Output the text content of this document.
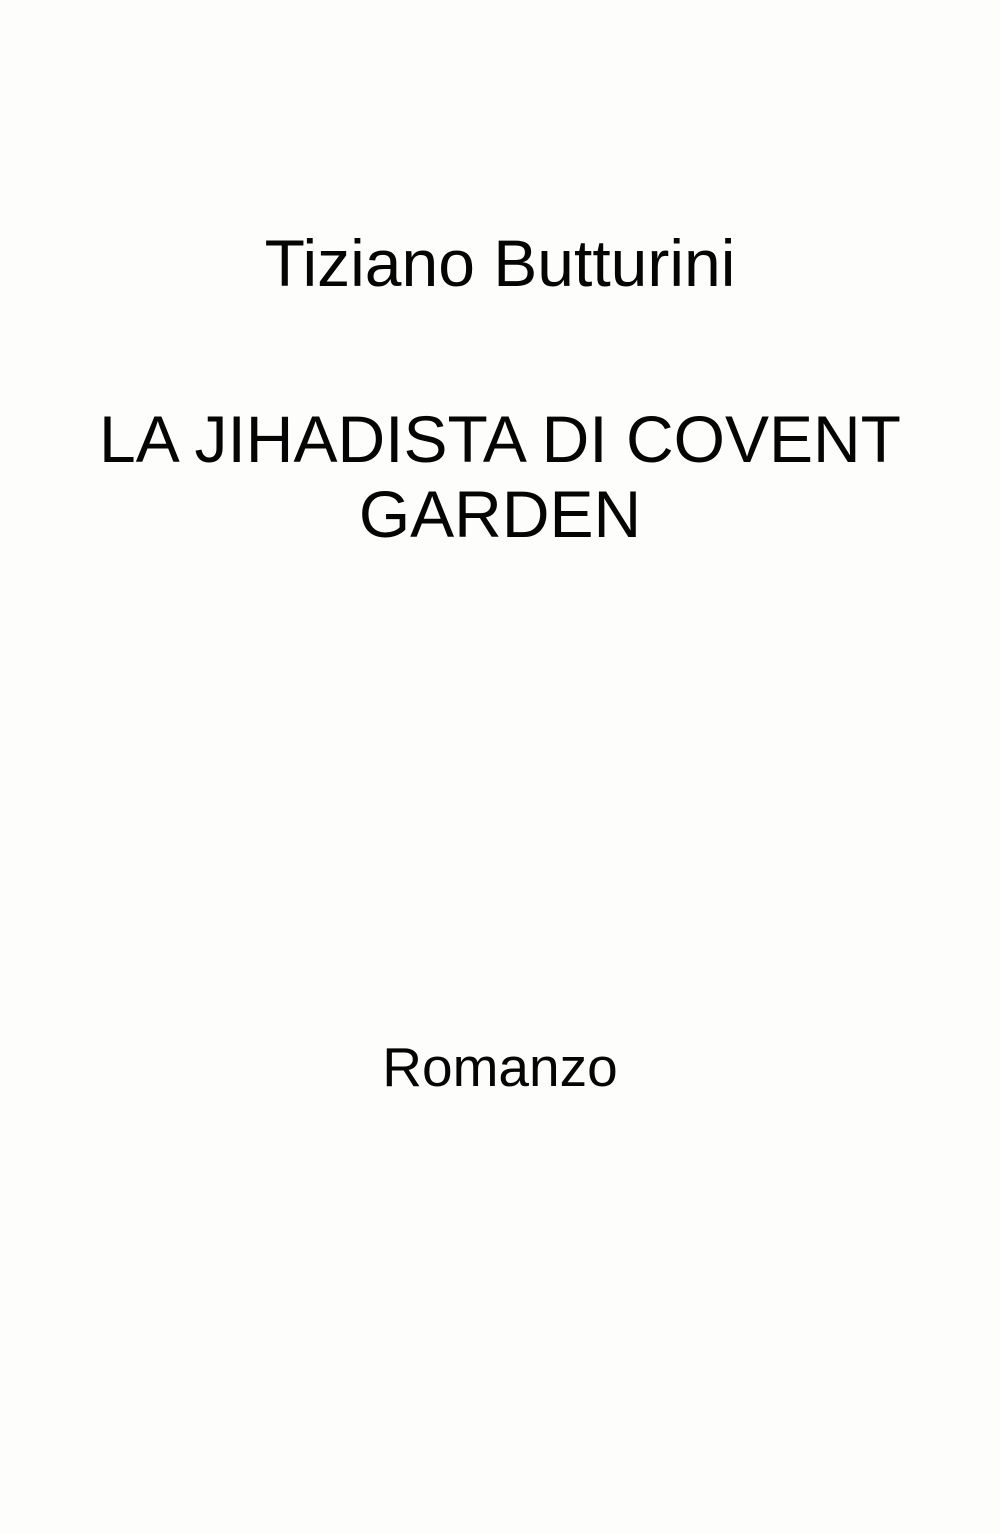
Tiziano Butturini
LA JIHADISTA DI COVENT GARDEN
Romanzo
